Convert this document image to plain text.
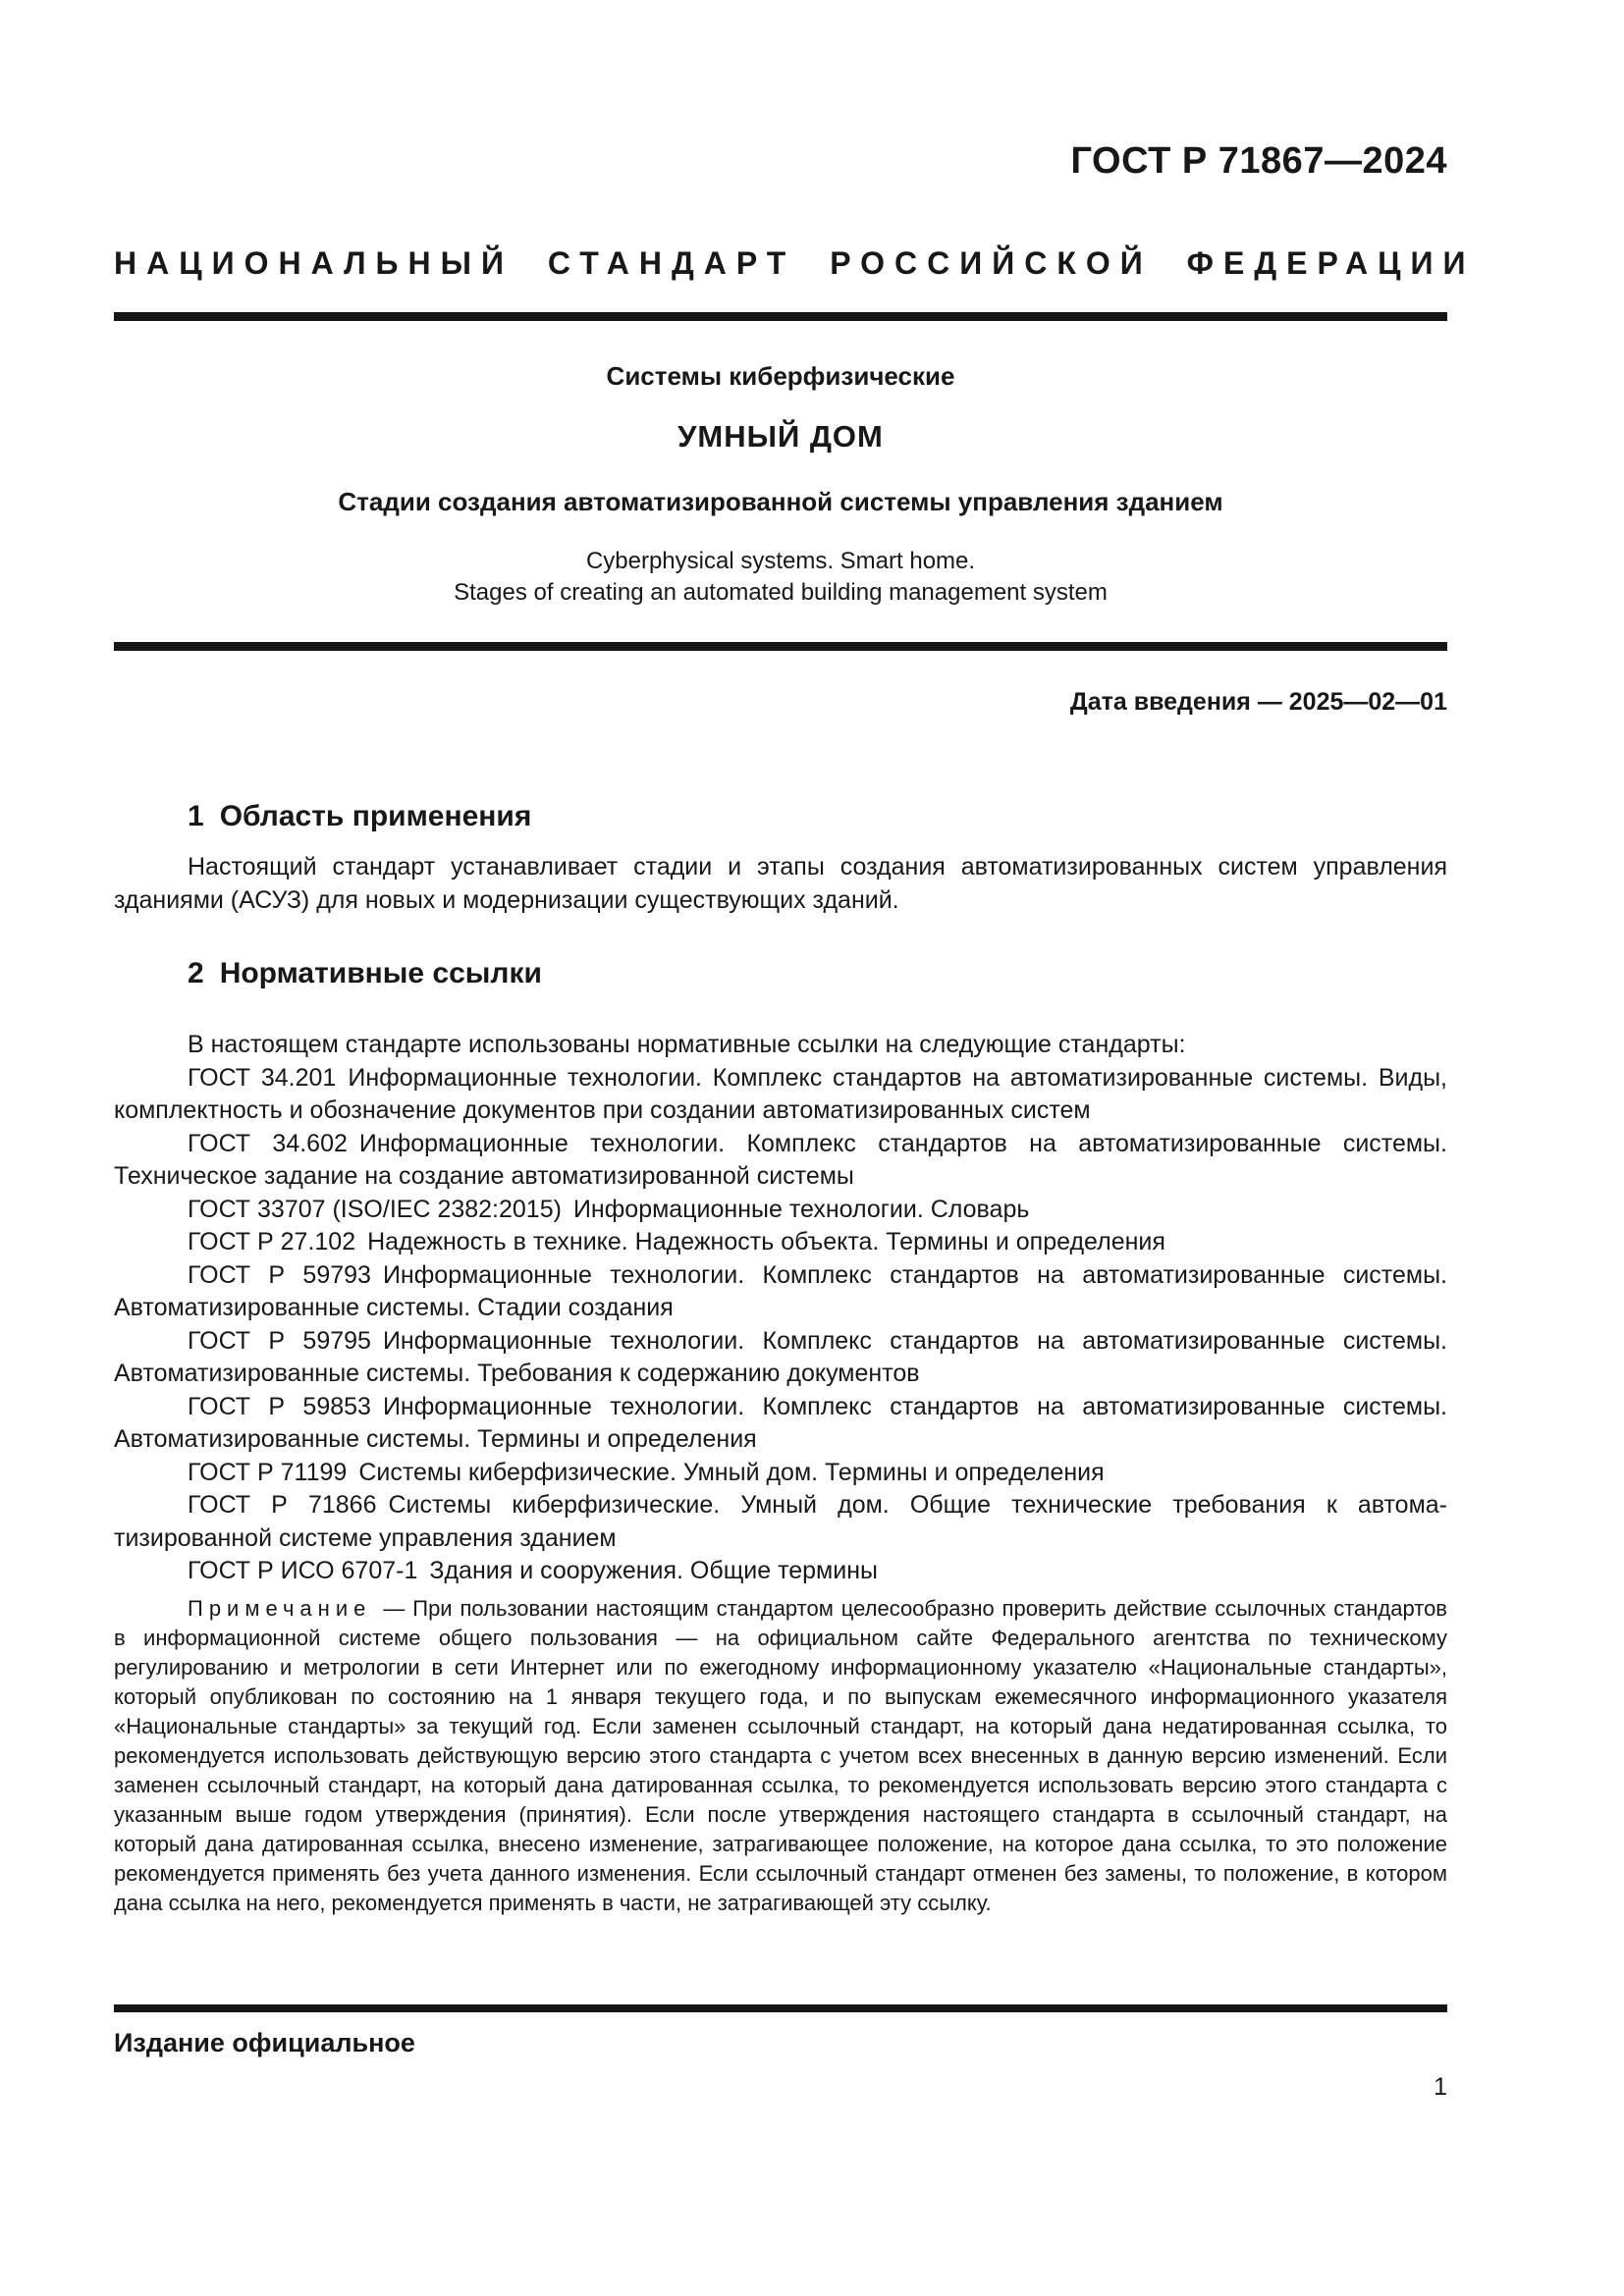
ГОСТ Р 71867—2024
НАЦИОНАЛЬНЫЙ СТАНДАРТ РОССИЙСКОЙ ФЕДЕРАЦИИ
Системы киберфизические
УМНЫЙ ДОМ
Стадии создания автоматизированной системы управления зданием
Cyberphysical systems. Smart home.
Stages of creating an automated building management system
Дата введения — 2025—02—01
1 Область применения

Настоящий стандарт устанавливает стадии и этапы создания автоматизированных систем управления зданиями (АСУЗ) для новых и модернизации существующих зданий.

2 Нормативные ссылки

В настоящем стандарте использованы нормативные ссылки на следующие стандарты:

ГОСТ 34.201 Информационные технологии. Комплекс стандартов на автоматизированные системы. Виды, комплектность и обозначение документов при создании автоматизированных систем

ГОСТ 34.602 Информационные технологии. Комплекс стандартов на автоматизированные системы. Техническое задание на создание автоматизированной системы

ГОСТ 33707 (ISO/IEC 2382:2015) Информационные технологии. Словарь

ГОСТ Р 27.102 Надежность в технике. Надежность объекта. Термины и определения

ГОСТ Р 59793 Информационные технологии. Комплекс стандартов на автоматизированные системы. Автоматизированные системы. Стадии создания

ГОСТ Р 59795 Информационные технологии. Комплекс стандартов на автоматизированные системы. Автоматизированные системы. Требования к содержанию документов

ГОСТ Р 59853 Информационные технологии. Комплекс стандартов на автоматизированные системы. Автоматизированные системы. Термины и определения

ГОСТ Р 71199 Системы киберфизические. Умный дом. Термины и определения

ГОСТ Р 71866 Системы киберфизические. Умный дом. Общие технические требования к автоматизированной системе управления зданием

ГОСТ Р ИСО 6707-1 Здания и сооружения. Общие термины

Примечание — При пользовании настоящим стандартом целесообразно проверить действие ссылочных стандартов в информационной системе общего пользования — на официальном сайте Федерального агентства по техническому регулированию и метрологии в сети Интернет или по ежегодному информационному указателю «Национальные стандарты», который опубликован по состоянию на 1 января текущего года, и по выпускам ежемесячного информационного указателя «Национальные стандарты» за текущий год. Если заменен ссылочный стандарт, на который дана недатированная ссылка, то рекомендуется использовать действующую версию этого стандарта с учетом всех внесенных в данную версию изменений. Если заменен ссылочный стандарт, на который дана датированная ссылка, то рекомендуется использовать версию этого стандарта с указанным выше годом утверждения (принятия). Если после утверждения настоящего стандарта в ссылочный стандарт, на который дана датированная ссылка, внесено изменение, затрагивающее положение, на которое дана ссылка, то это положение рекомендуется применять без учета данного изменения. Если ссылочный стандарт отменен без замены, то положение, в котором дана ссылка на него, рекомендуется применять в части, не затрагивающей эту ссылку.

Издание официальное
1
